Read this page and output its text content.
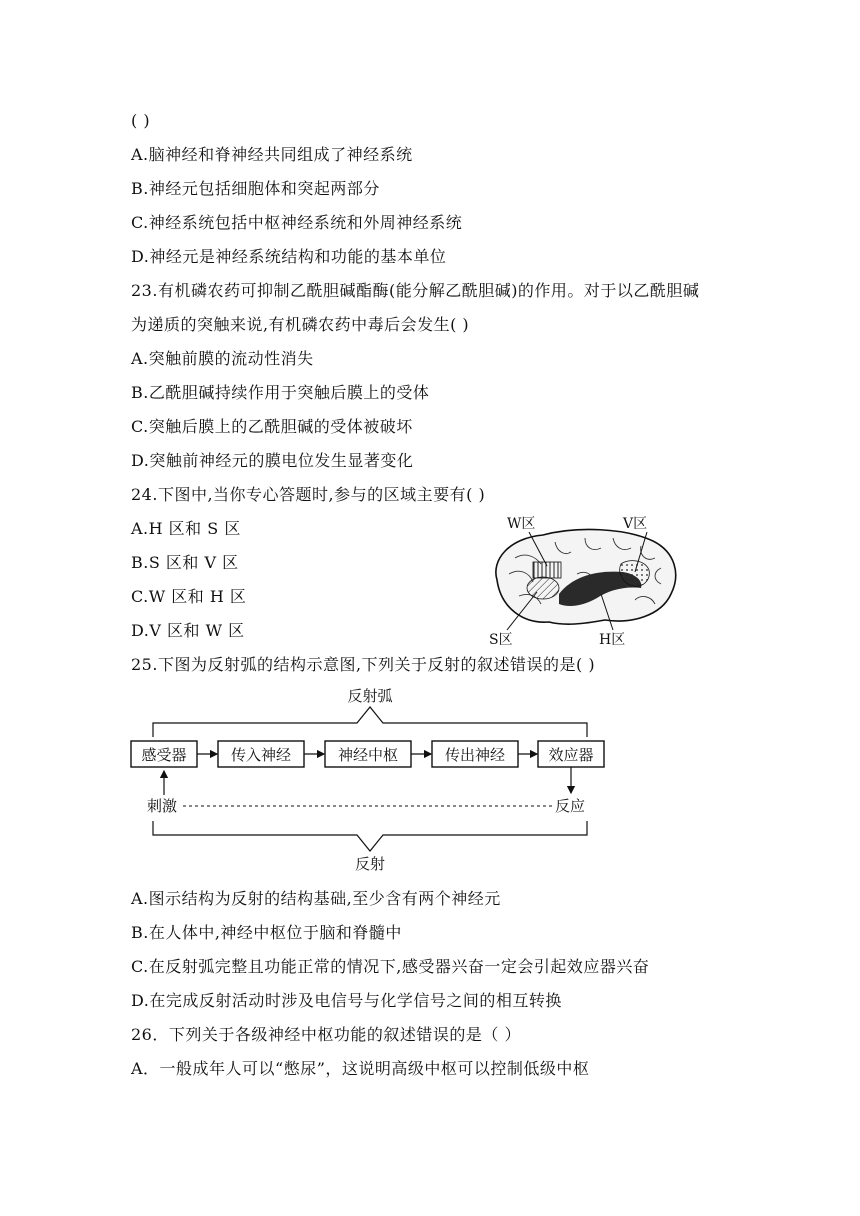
( )
A.脑神经和脊神经共同组成了神经系统
B.神经元包括细胞体和突起两部分
C.神经系统包括中枢神经系统和外周神经系统
D.神经元是神经系统结构和功能的基本单位
23.有机磷农药可抑制乙酰胆碱酯酶(能分解乙酰胆碱)的作用。对于以乙酰胆碱
为递质的突触来说,有机磷农药中毒后会发生( )
A.突触前膜的流动性消失
B.乙酰胆碱持续作用于突触后膜上的受体
C.突触后膜上的乙酰胆碱的受体被破坏
D.突触前神经元的膜电位发生显著变化
24.下图中,当你专心答题时,参与的区域主要有( )
A.H 区和 S 区
B.S 区和 V 区
C.W 区和 H 区
D.V 区和 W 区
25.下图为反射弧的结构示意图,下列关于反射的叙述错误的是( )
A.图示结构为反射的结构基础,至少含有两个神经元
B.在人体中,神经中枢位于脑和脊髓中
C.在反射弧完整且功能正常的情况下,感受器兴奋一定会引起效应器兴奋
D.在完成反射活动时涉及电信号与化学信号之间的相互转换
26．下列关于各级神经中枢功能的叙述错误的是（ ）
A．一般成年人可以“憋尿”，这说明高级中枢可以控制低级中枢
W区	V区
S区	H区
反射弧
感受器	传入神经	神经中枢	传出神经	效应器
刺激	反应
反射
